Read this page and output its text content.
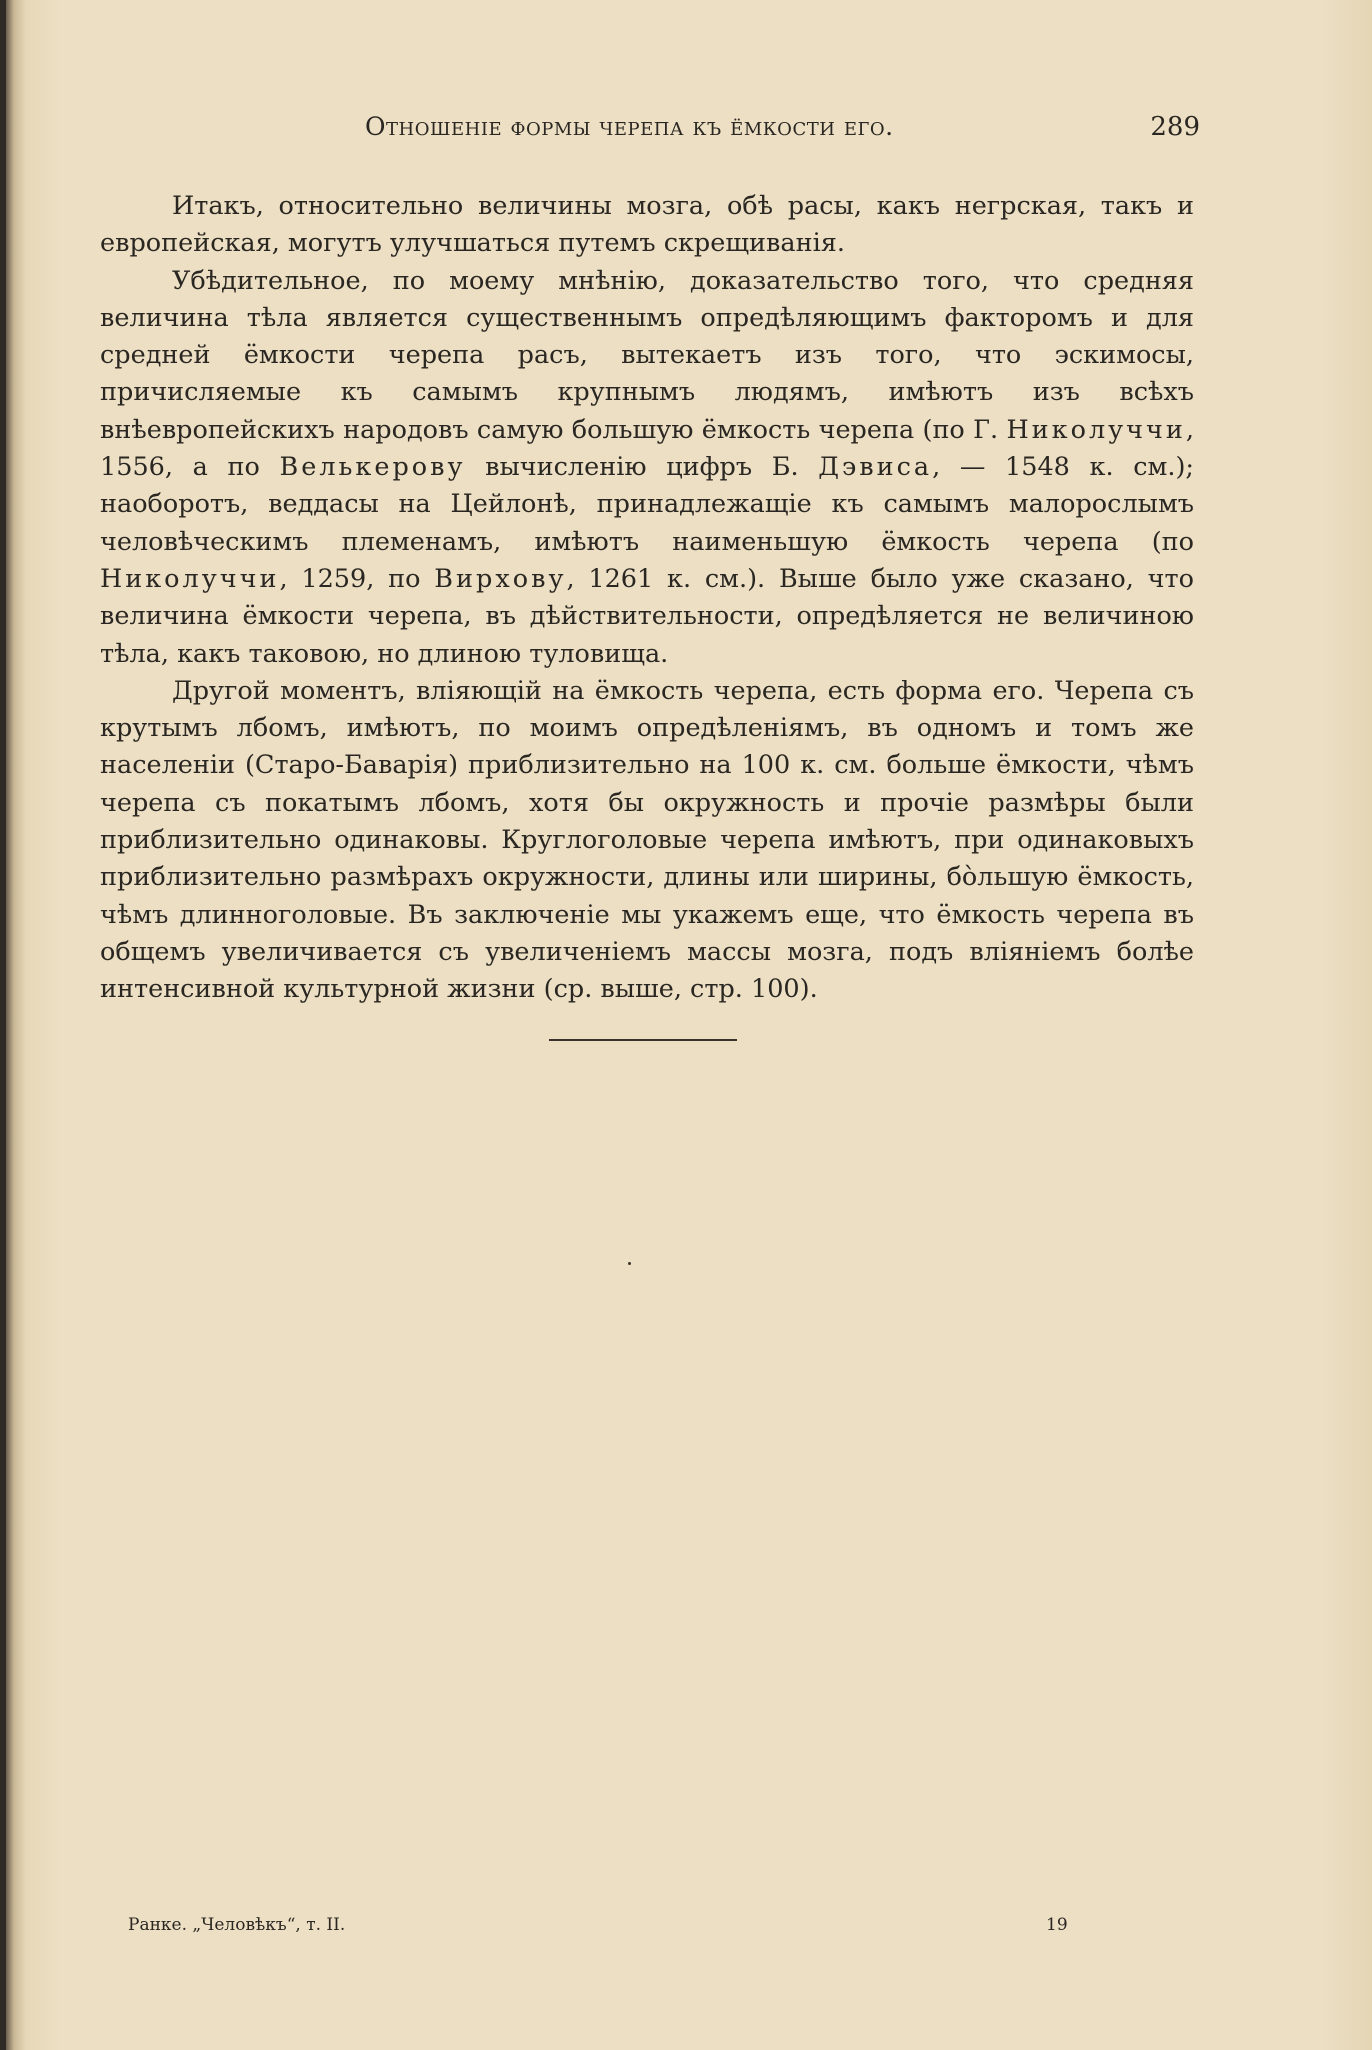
Отношеніе формы черепа къ ёмкости его.	289

Итакъ, относительно величины мозга, обѣ расы, какъ негрская, такъ и европейская, могутъ улучшаться путемъ скрещиванія.

Убѣдительное, по моему мнѣнію, доказательство того, что средняя величина тѣла является существеннымъ опредѣляющимъ факторомъ и для средней ёмкости черепа расъ, вытекаетъ изъ того, что эскимосы, причисляемые къ самымъ крупнымъ людямъ, имѣютъ изъ всѣхъ внѣевропейскихъ народовъ самую большую ёмкость черепа (по Г. Николуччи, 1556, а по Велькерову вычисленію цифръ Б. Дэвиса, — 1548 к. см.); наоборотъ, веддасы на Цейлонѣ, принадлежащіе къ самымъ малорослымъ человѣческимъ племенамъ, имѣютъ наименьшую ёмкость черепа (по Николуччи, 1259, по Вирхову, 1261 к. см.). Выше было уже сказано, что величина ёмкости черепа, въ дѣйствительности, опредѣляется не величиною тѣла, какъ таковою, но длиною туловища.

Другой моментъ, вліяющій на ёмкость черепа, есть форма его. Черепа съ крутымъ лбомъ, имѣютъ, по моимъ опредѣленіямъ, въ одномъ и томъ же населеніи (Старо-Баварія) приблизительно на 100 к. см. больше ёмкости, чѣмъ черепа съ покатымъ лбомъ, хотя бы окружность и прочіе размѣры были приблизительно одинаковы. Круглоголовые черепа имѣютъ, при одинаковыхъ приблизительно размѣрахъ окружности, длины или ширины, бо̀льшую ёмкость, чѣмъ длинноголовые. Въ заключеніе мы укажемъ еще, что ёмкость черепа въ общемъ увеличивается съ увеличеніемъ массы мозга, подъ вліяніемъ болѣе интенсивной культурной жизни (ср. выше, стр. 100).

Ранке. „Человѣкъ“, т. II.	19
